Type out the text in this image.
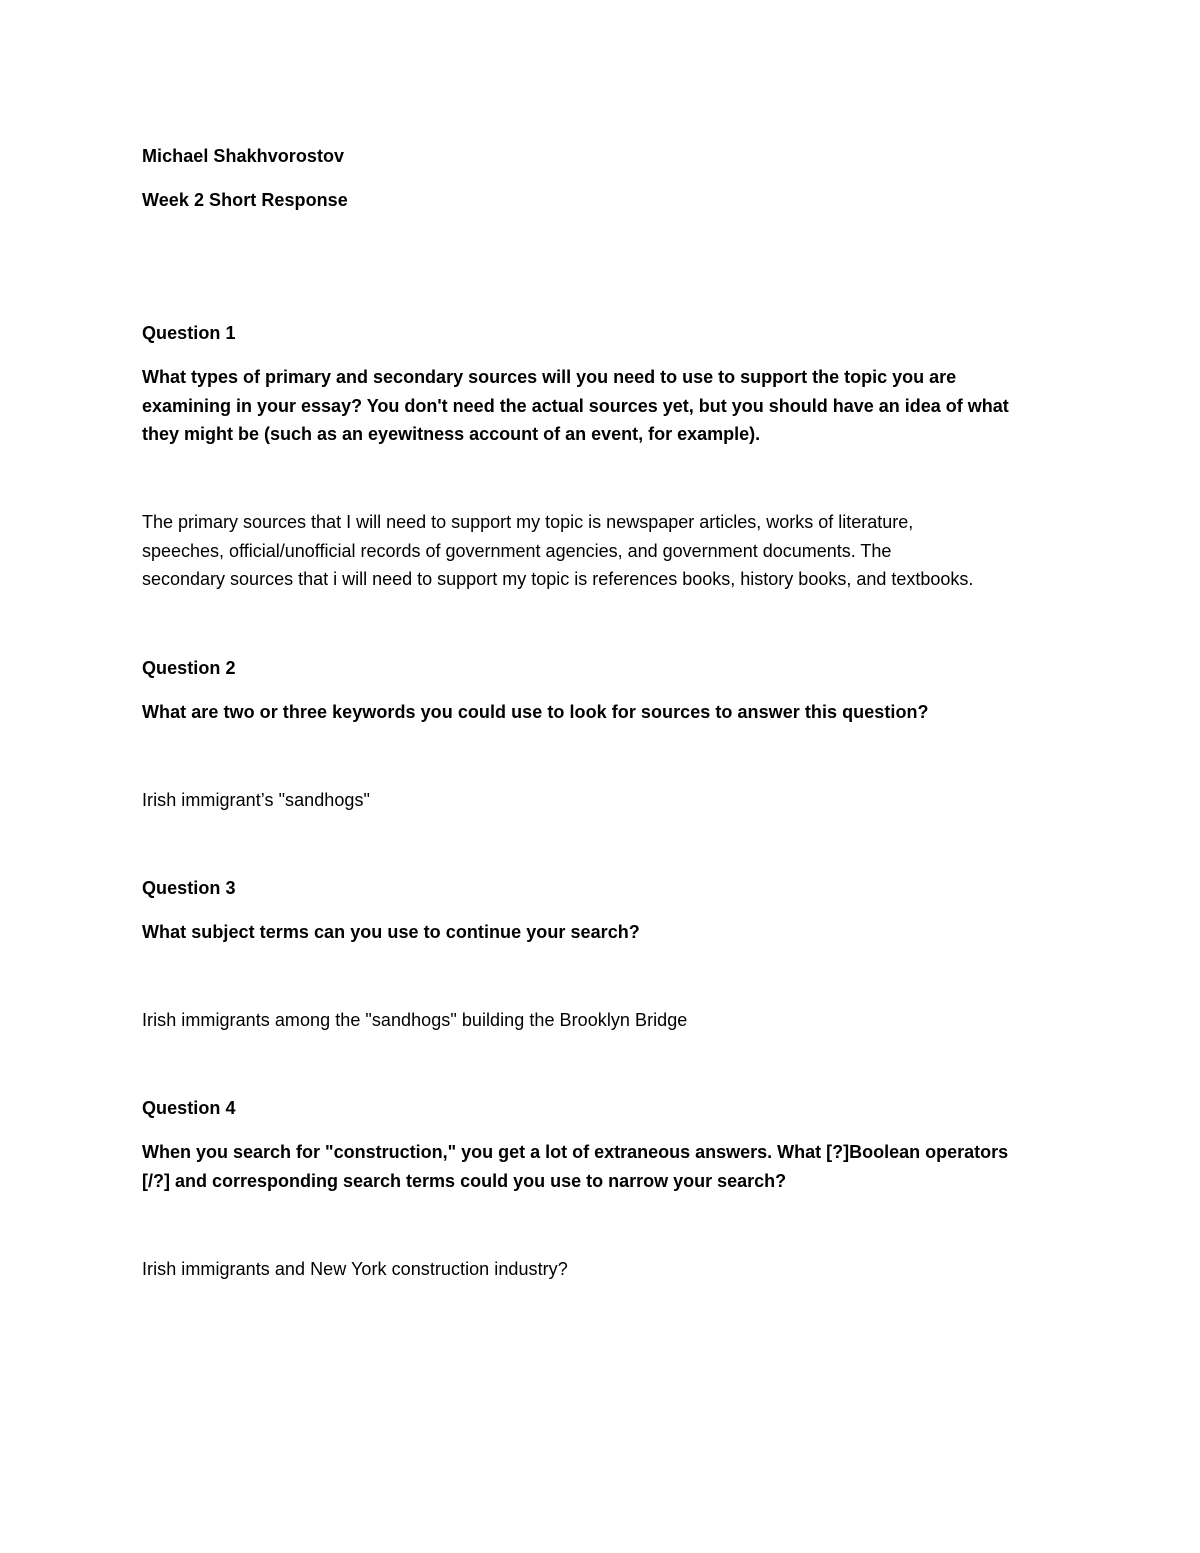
Michael Shakhvorostov
Week 2 Short Response
Question 1
What types of primary and secondary sources will you need to use to support the topic you are
examining in your essay? You don't need the actual sources yet, but you should have an idea of what
they might be (such as an eyewitness account of an event, for example).
The primary sources that I will need to support my topic is newspaper articles, works of literature,
speeches, official/unofficial records of government agencies, and government documents. The
secondary sources that i will need to support my topic is references books, history books, and textbooks.
Question 2
What are two or three keywords you could use to look for sources to answer this question?
Irish immigrant’s "sandhogs"
Question 3
What subject terms can you use to continue your search?
Irish immigrants among the "sandhogs" building the Brooklyn Bridge
Question 4
When you search for "construction," you get a lot of extraneous answers. What [?]Boolean operators
[/?] and corresponding search terms could you use to narrow your search?
Irish immigrants and New York construction industry?
